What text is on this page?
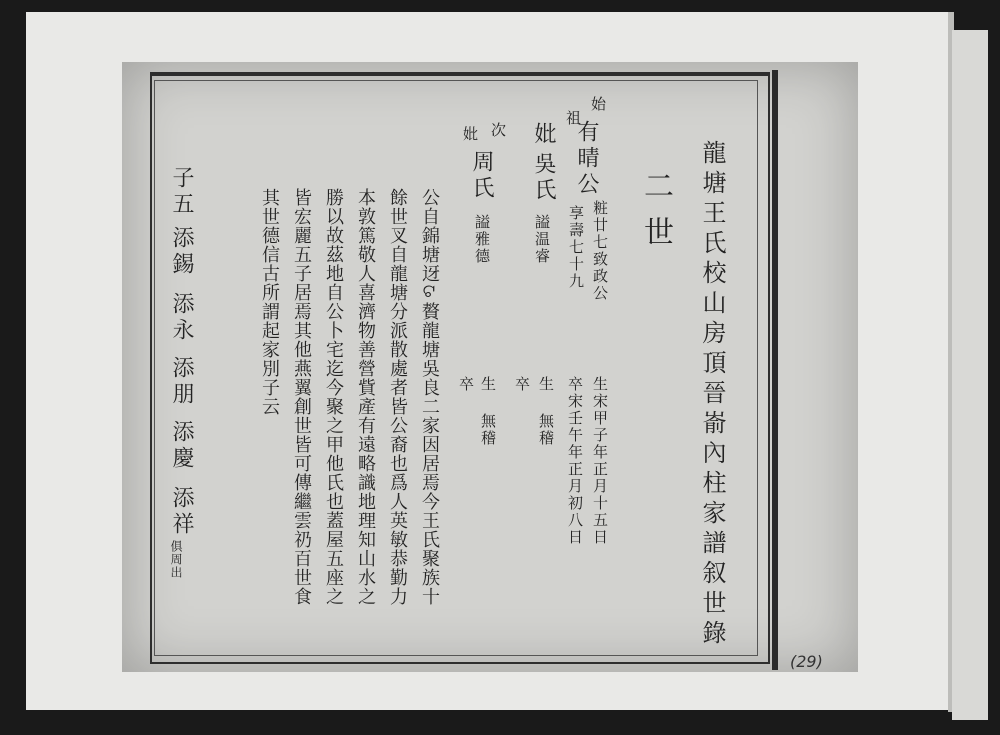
龍塘王氏校山房頂晉嵛內柱家譜叙世錄
二世
始
祖
有晴公
粧廿七致政公
享壽七十九
生宋甲子年正月十五日
卒宋壬午年正月初八日
妣
吳氏
謚温睿
生 無稽
卒
次
妣
周氏
謚雅德
生 無稽
卒
公自錦塘迓ଟ贅龍塘吳良二家因居焉今王氏聚族十
餘世叉自龍塘分派散處者皆公裔也爲人英敏恭勤力
本敦篤敬人喜濟物善營貲產有遠略識地理知山水之
勝以故茲地自公卜宅迄今聚之甲他氏也蓋屋五座之
皆宏麗五子居焉其他燕翼創世皆可傳繼雲礽百世食
其世德信古所謂起家別子云
子五
添錫
添永
添朋
添慶
添祥
俱周出
(29)
